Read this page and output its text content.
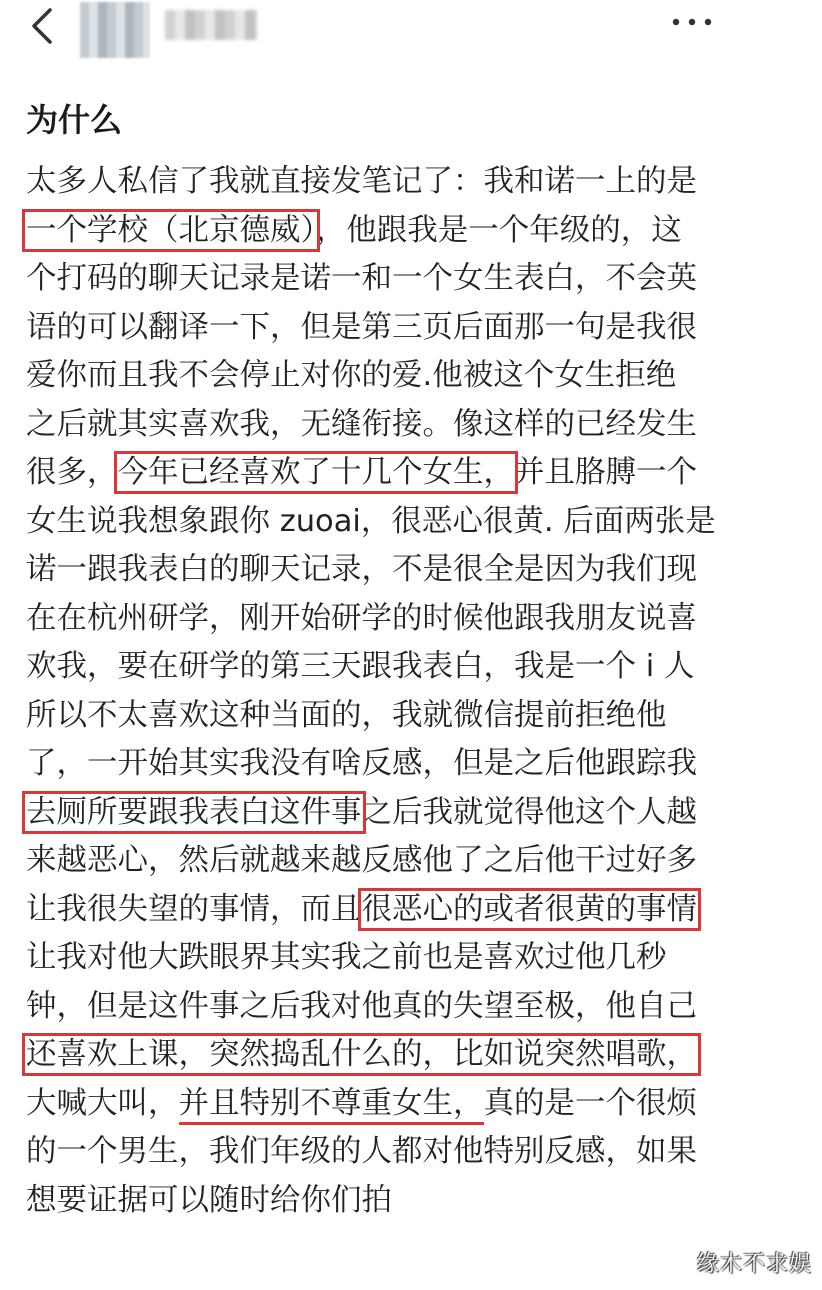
为什么
太多人私信了我就直接发笔记了：我和诺一上的是
一个学校（北京德威），他跟我是一个年级的，这
个打码的聊天记录是诺一和一个女生表白，不会英
语的可以翻译一下，但是第三页后面那一句是我很
爱你而且我不会停止对你的爱.他被这个女生拒绝
之后就其实喜欢我，无缝衔接。像这样的已经发生
很多，今年已经喜欢了十几个女生，并且胳膊一个
女生说我想象跟你 zuoai，很恶心很黄. 后面两张是
诺一跟我表白的聊天记录，不是很全是因为我们现
在在杭州研学，刚开始研学的时候他跟我朋友说喜
欢我，要在研学的第三天跟我表白，我是一个 i 人
所以不太喜欢这种当面的，我就微信提前拒绝他
了，一开始其实我没有啥反感，但是之后他跟踪我
去厕所要跟我表白这件事之后我就觉得他这个人越
来越恶心，然后就越来越反感他了之后他干过好多
让我很失望的事情，而且很恶心的或者很黄的事情
让我对他大跌眼界其实我之前也是喜欢过他几秒
钟，但是这件事之后我对他真的失望至极，他自己
还喜欢上课，突然捣乱什么的，比如说突然唱歌，
大喊大叫，并且特别不尊重女生，真的是一个很烦
的一个男生，我们年级的人都对他特别反感，如果
想要证据可以随时给你们拍
缘木不求娱
